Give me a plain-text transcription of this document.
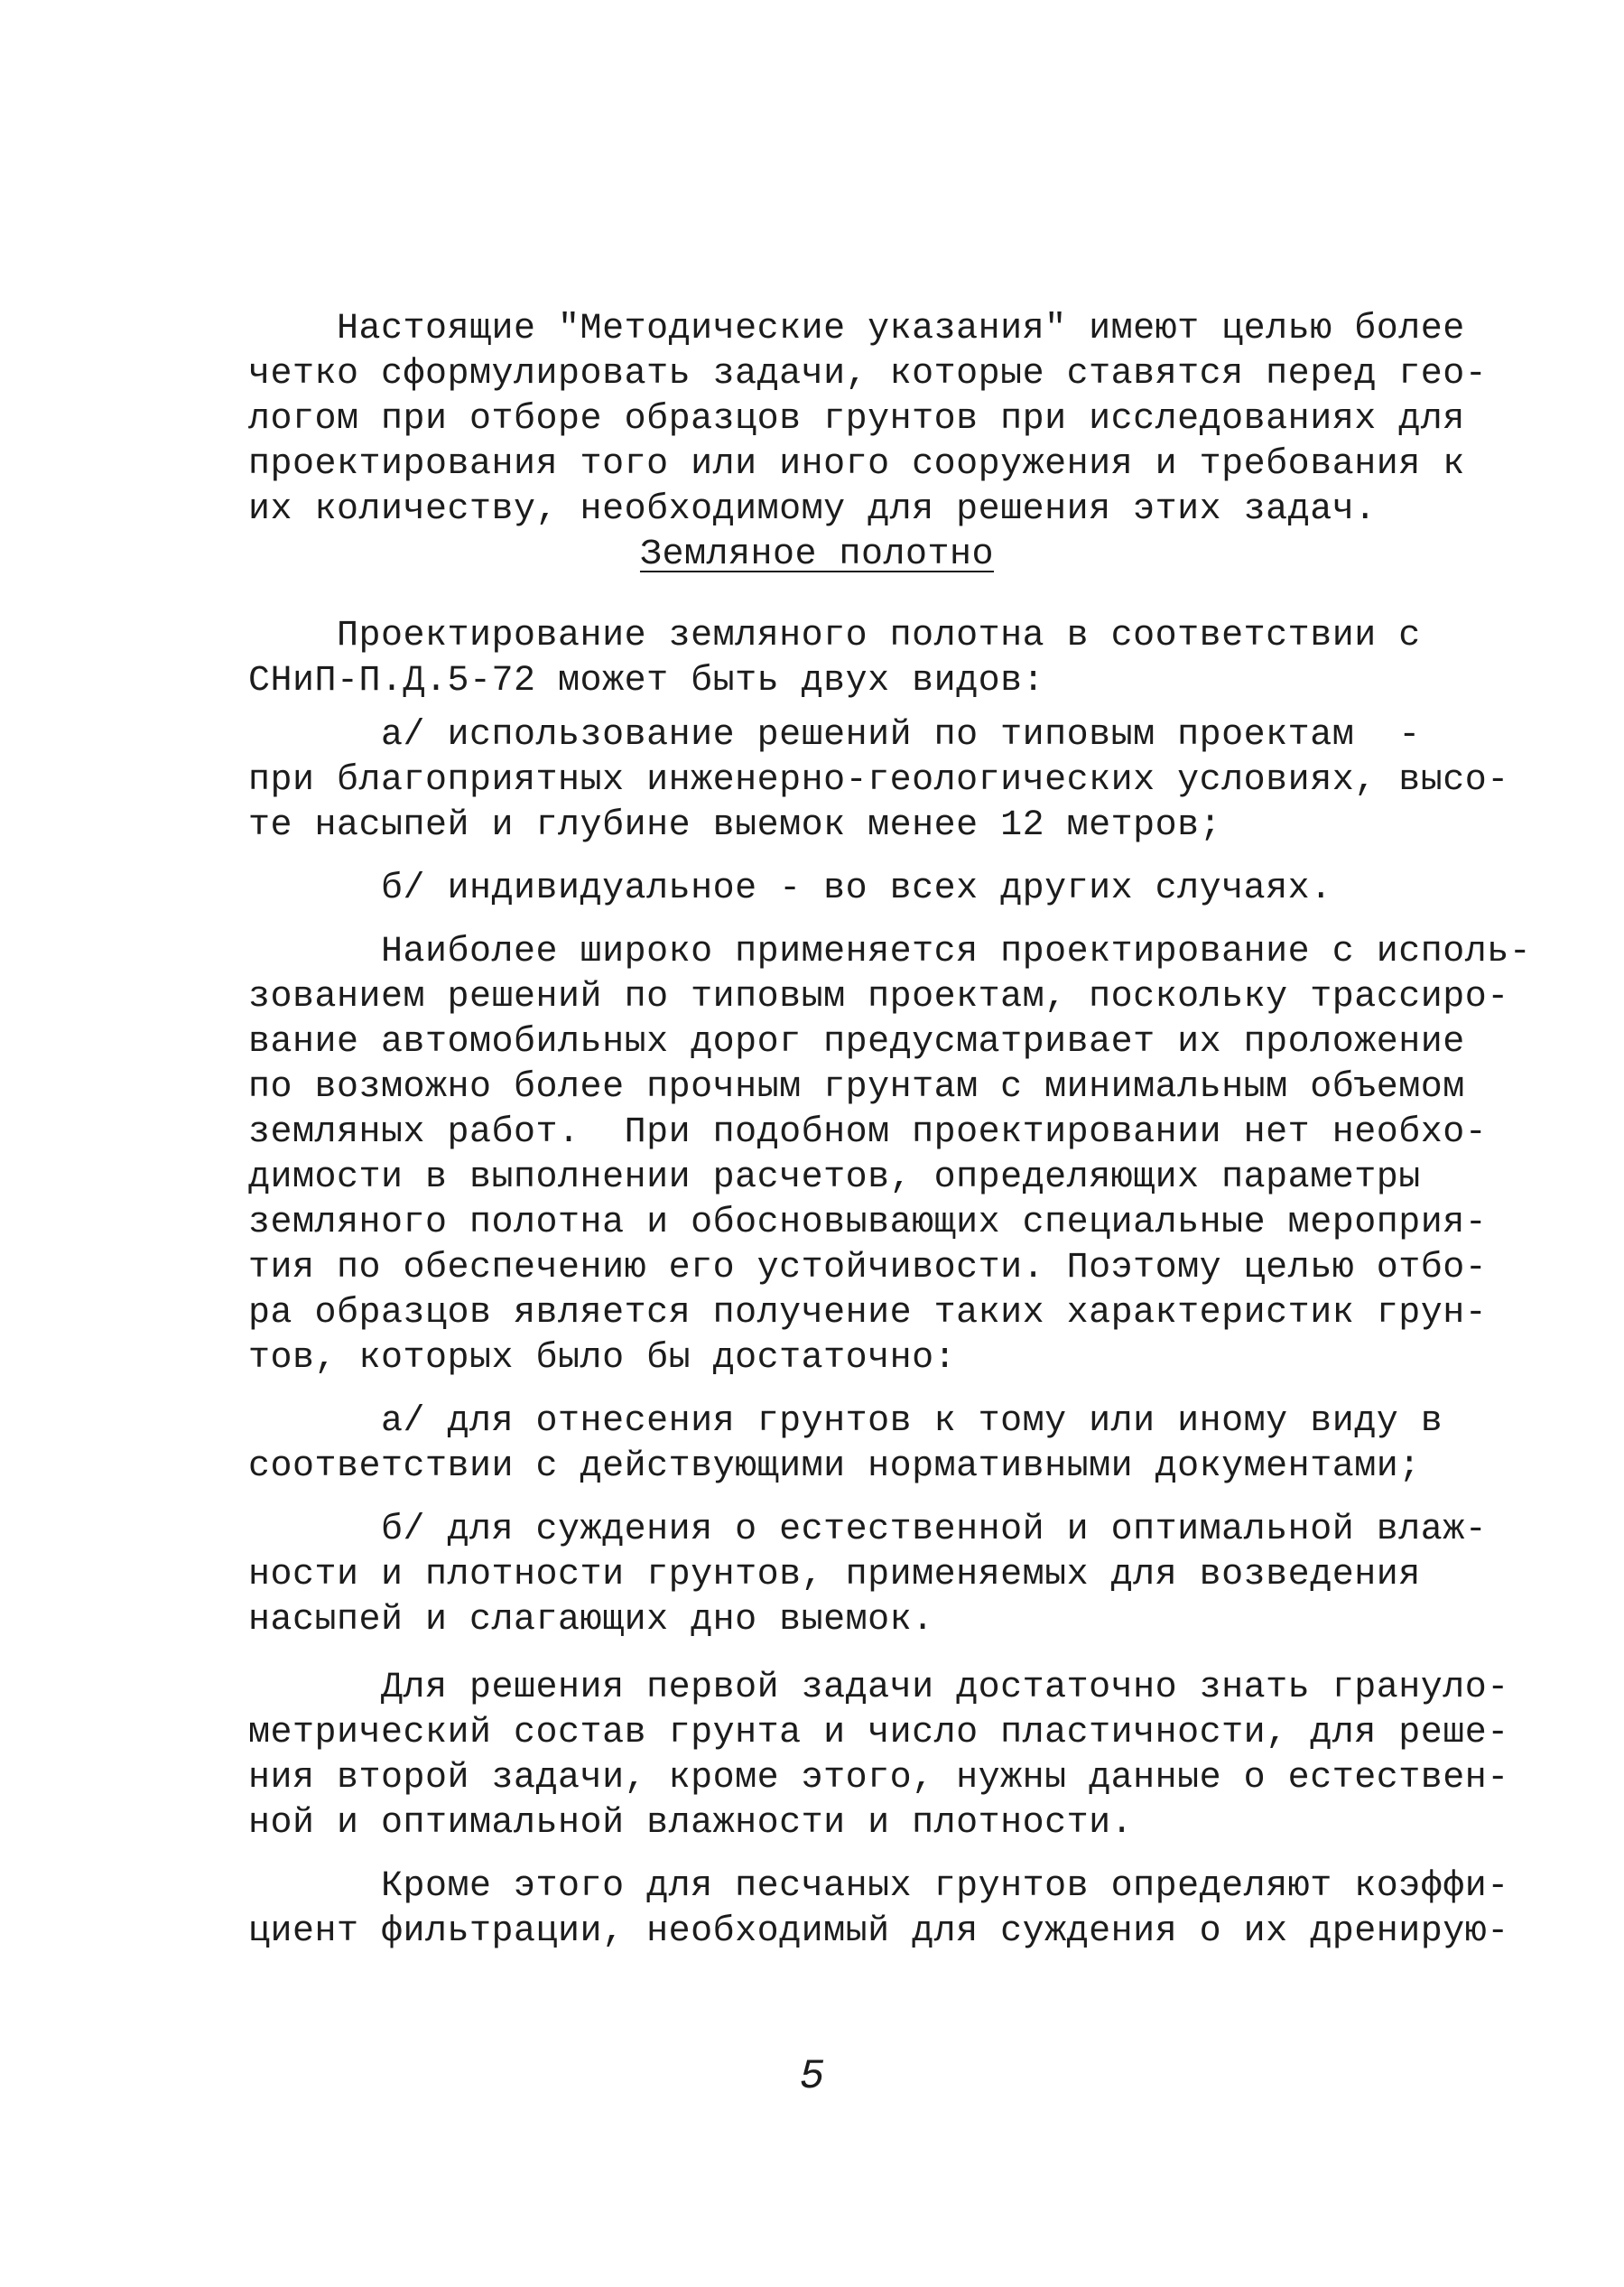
Настоящие "Методические указания" имеют целью более
четко сформулировать задачи, которые ставятся перед гео-
логом при отборе образцов грунтов при исследованиях для
проектирования того или иного сооружения и требования к
их количеству, необходимому для решения этих задач.
Земляное полотно
Проектирование земляного полотна в соответствии с
СНиП-П.Д.5-72 может быть двух видов:
а/ использование решений по типовым проектам  -
при благоприятных инженерно-геологических условиях, высо-
те насыпей и глубине выемок менее 12 метров;
б/ индивидуальное - во всех других случаях.
Наиболее широко применяется проектирование с исполь-
зованием решений по типовым проектам, поскольку трассиро-
вание автомобильных дорог предусматривает их проложение
по возможно более прочным грунтам с минимальным объемом
земляных работ.  При подобном проектировании нет необхо-
димости в выполнении расчетов, определяющих параметры
земляного полотна и обосновывающих специальные мероприя-
тия по обеспечению его устойчивости. Поэтому целью отбо-
ра образцов является получение таких характеристик грун-
тов, которых было бы достаточно:
а/ для отнесения грунтов к тому или иному виду в
соответствии с действующими нормативными документами;
б/ для суждения о естественной и оптимальной влаж-
ности и плотности грунтов, применяемых для возведения
насыпей и слагающих дно выемок.
Для решения первой задачи достаточно знать грануло-
метрический состав грунта и число пластичности, для реше-
ния второй задачи, кроме этого, нужны данные о естествен-
ной и оптимальной влажности и плотности.
Кроме этого для песчаных грунтов определяют коэффи-
циент фильтрации, необходимый для суждения о их дренирую-
5
